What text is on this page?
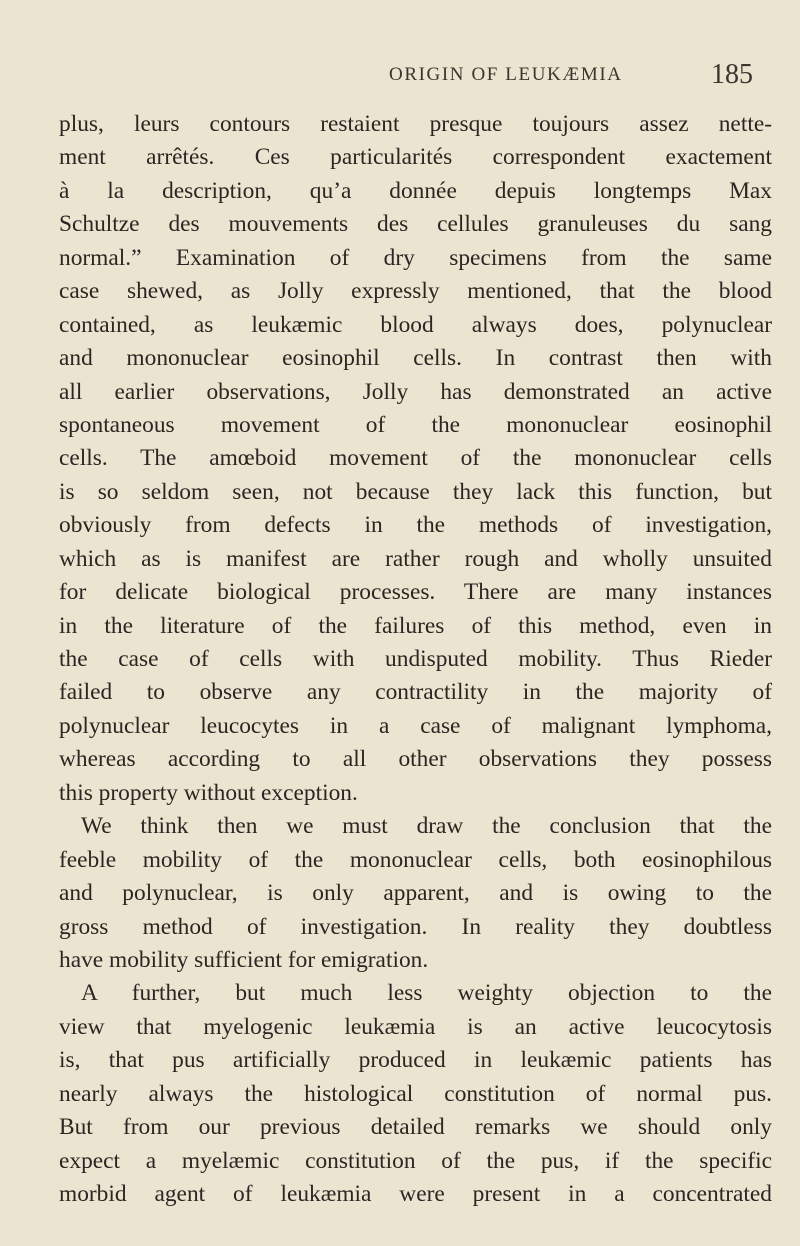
ORIGIN OF LEUKÆMIA	185
plus, leurs contours restaient presque toujours assez nette-
ment arrêtés. Ces particularités correspondent exactement
à la description, qu’a donnée depuis longtemps Max
Schultze des mouvements des cellules granuleuses du sang
normal.” Examination of dry specimens from the same
case shewed, as Jolly expressly mentioned, that the blood
contained, as leukæmic blood always does, polynuclear
and mononuclear eosinophil cells. In contrast then with
all earlier observations, Jolly has demonstrated an active
spontaneous movement of the mononuclear eosinophil
cells. The amœboid movement of the mononuclear cells
is so seldom seen, not because they lack this function, but
obviously from defects in the methods of investigation,
which as is manifest are rather rough and wholly unsuited
for delicate biological processes. There are many instances
in the literature of the failures of this method, even in
the case of cells with undisputed mobility. Thus Rieder
failed to observe any contractility in the majority of
polynuclear leucocytes in a case of malignant lymphoma,
whereas according to all other observations they possess
this property without exception.
We think then we must draw the conclusion that the
feeble mobility of the mononuclear cells, both eosinophilous
and polynuclear, is only apparent, and is owing to the
gross method of investigation. In reality they doubtless
have mobility sufficient for emigration.
A further, but much less weighty objection to the
view that myelogenic leukæmia is an active leucocytosis
is, that pus artificially produced in leukæmic patients has
nearly always the histological constitution of normal pus.
But from our previous detailed remarks we should only
expect a myelæmic constitution of the pus, if the specific
morbid agent of leukæmia were present in a concentrated
